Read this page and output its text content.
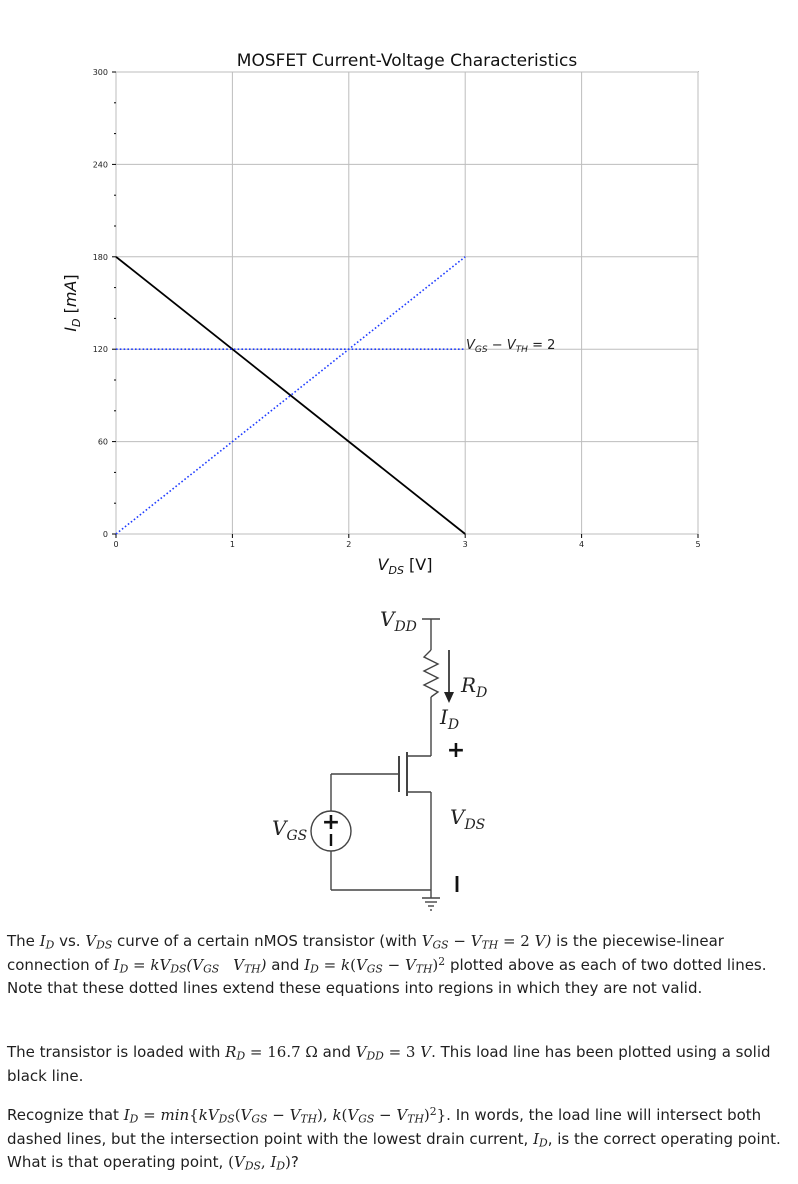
0	1	2	3	4	5
0
60
120
180
240
300
MOSFET Current-Voltage Characteristics
$V_{DS}$ [V]
$I_D$ [mA]
$V_{GS} - V_{TH} = 2$
+
$V_{DD}$
$R_D$
$I_D$
$V_{GS}$
$V_{DS}$
+

The $I_D$ vs. $V_{DS}$ curve of a certain nMOS transistor (with $V_{GS} - V_{TH} = 2$ V) is the piecewise-linear connection of $I_D = kV_{DS}(V_{GS}$ $V_{TH}$) and $I_D = k(V_{GS} - V_{TH})^2$ plotted above as each of two dotted lines. Note that these dotted lines extend these equations into regions in which they are not valid.

The transistor is loaded with $R_D = 16.7$ Ω and $V_{DD} = 3$ V. This load line has been plotted using a solid black line.

Recognize that $I_D = \min\{kV_{DS}(V_{GS} - V_{TH})$, $k(V_{GS} - V_{TH})^2$}. In words, the load line will intersect both dashed lines, but the intersection point with the lowest drain current, $I_D$, is the correct operating point. What is that operating point, ($V_{DS}$, $I_D$)?
